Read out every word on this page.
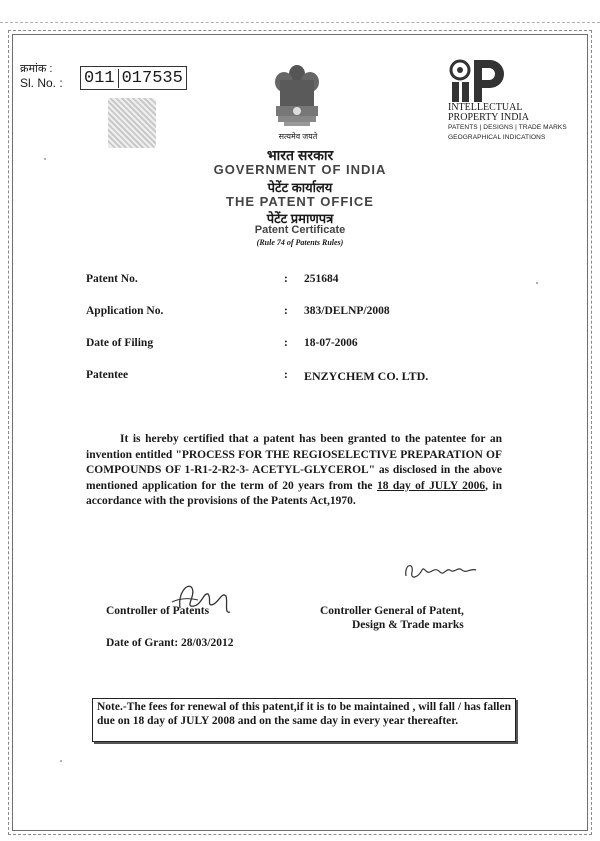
क्रमांक :
Sl. No. : 011 017535
सत्यमेव जयते
INTELLECTUAL
PROPERTY INDIA
PATENTS | DESIGNS | TRADE MARKS
GEOGRAPHICAL INDICATIONS
भारत सरकार
GOVERNMENT OF INDIA
पेटेंट कार्यालय
THE PATENT OFFICE
पेटेंट प्रमाणपत्र
Patent Certificate
(Rule 74 of Patents Rules)
Patent No.	: 251684
Application No.	: 383/DELNP/2008
Date of Filing	: 18-07-2006
Patentee	: ENZYCHEM CO. LTD.

It is hereby certified that a patent has been granted to the patentee for an invention entitled "PROCESS FOR THE REGIOSELECTIVE PREPARATION OF COMPOUNDS OF 1-R1-2-R2-3- ACETYL-GLYCEROL" as disclosed in the above mentioned application for the term of 20 years from the 18 day of JULY 2006, in accordance with the provisions of the Patents Act,1970.

Controller of Patents	Controller General of Patent,
Design & Trade marks
Date of Grant: 28/03/2012
Note.-The fees for renewal of this patent,if it is to be maintained , will fall / has fallen due on 18 day of JULY 2008 and on the same day in every year thereafter.
